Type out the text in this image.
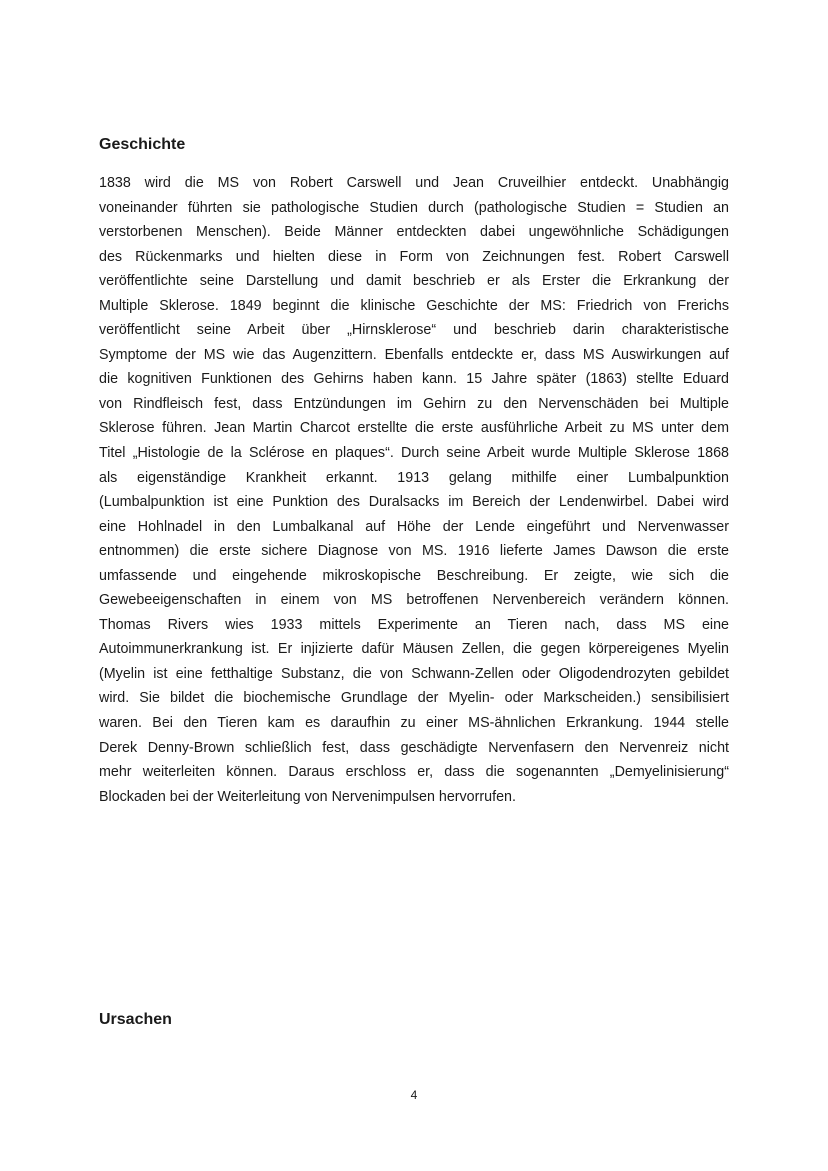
Geschichte
1838 wird die MS von Robert Carswell und Jean Cruveilhier entdeckt. Unabhängig
voneinander führten sie pathologische Studien durch (pathologische Studien = Studien an
verstorbenen Menschen). Beide Männer entdeckten dabei ungewöhnliche Schädigungen
des Rückenmarks und hielten diese in Form von Zeichnungen fest. Robert Carswell
veröffentlichte seine Darstellung und damit beschrieb er als Erster die Erkrankung der
Multiple Sklerose. 1849 beginnt die klinische Geschichte der MS: Friedrich von Frerichs
veröffentlicht seine Arbeit über „Hirnsklerose“ und beschrieb darin charakteristische
Symptome der MS wie das Augenzittern. Ebenfalls entdeckte er, dass MS Auswirkungen auf
die kognitiven Funktionen des Gehirns haben kann. 15 Jahre später (1863) stellte Eduard
von Rindfleisch fest, dass Entzündungen im Gehirn zu den Nervenschäden bei Multiple
Sklerose führen. Jean Martin Charcot erstellte die erste ausführliche Arbeit zu MS unter dem
Titel „Histologie de la Sclérose en plaques“. Durch seine Arbeit wurde Multiple Sklerose 1868
als eigenständige Krankheit erkannt. 1913 gelang mithilfe einer Lumbalpunktion
(Lumbalpunktion ist eine Punktion des Duralsacks im Bereich der Lendenwirbel. Dabei wird
eine Hohlnadel in den Lumbalkanal auf Höhe der Lende eingeführt und Nervenwasser
entnommen) die erste sichere Diagnose von MS. 1916 lieferte James Dawson die erste
umfassende und eingehende mikroskopische Beschreibung. Er zeigte, wie sich die
Gewebeeigenschaften in einem von MS betroffenen Nervenbereich verändern können.
Thomas Rivers wies 1933 mittels Experimente an Tieren nach, dass MS eine
Autoimmunerkrankung ist. Er injizierte dafür Mäusen Zellen, die gegen körpereigenes Myelin
(Myelin ist eine fetthaltige Substanz, die von Schwann-Zellen oder Oligodendrozyten gebildet
wird. Sie bildet die biochemische Grundlage der Myelin- oder Markscheiden.) sensibilisiert
waren. Bei den Tieren kam es daraufhin zu einer MS-ähnlichen Erkrankung. 1944 stelle
Derek Denny-Brown schließlich fest, dass geschädigte Nervenfasern den Nervenreiz nicht
mehr weiterleiten können. Daraus erschloss er, dass die sogenannten „Demyelinisierung“
Blockaden bei der Weiterleitung von Nervenimpulsen hervorrufen.
Ursachen
4
